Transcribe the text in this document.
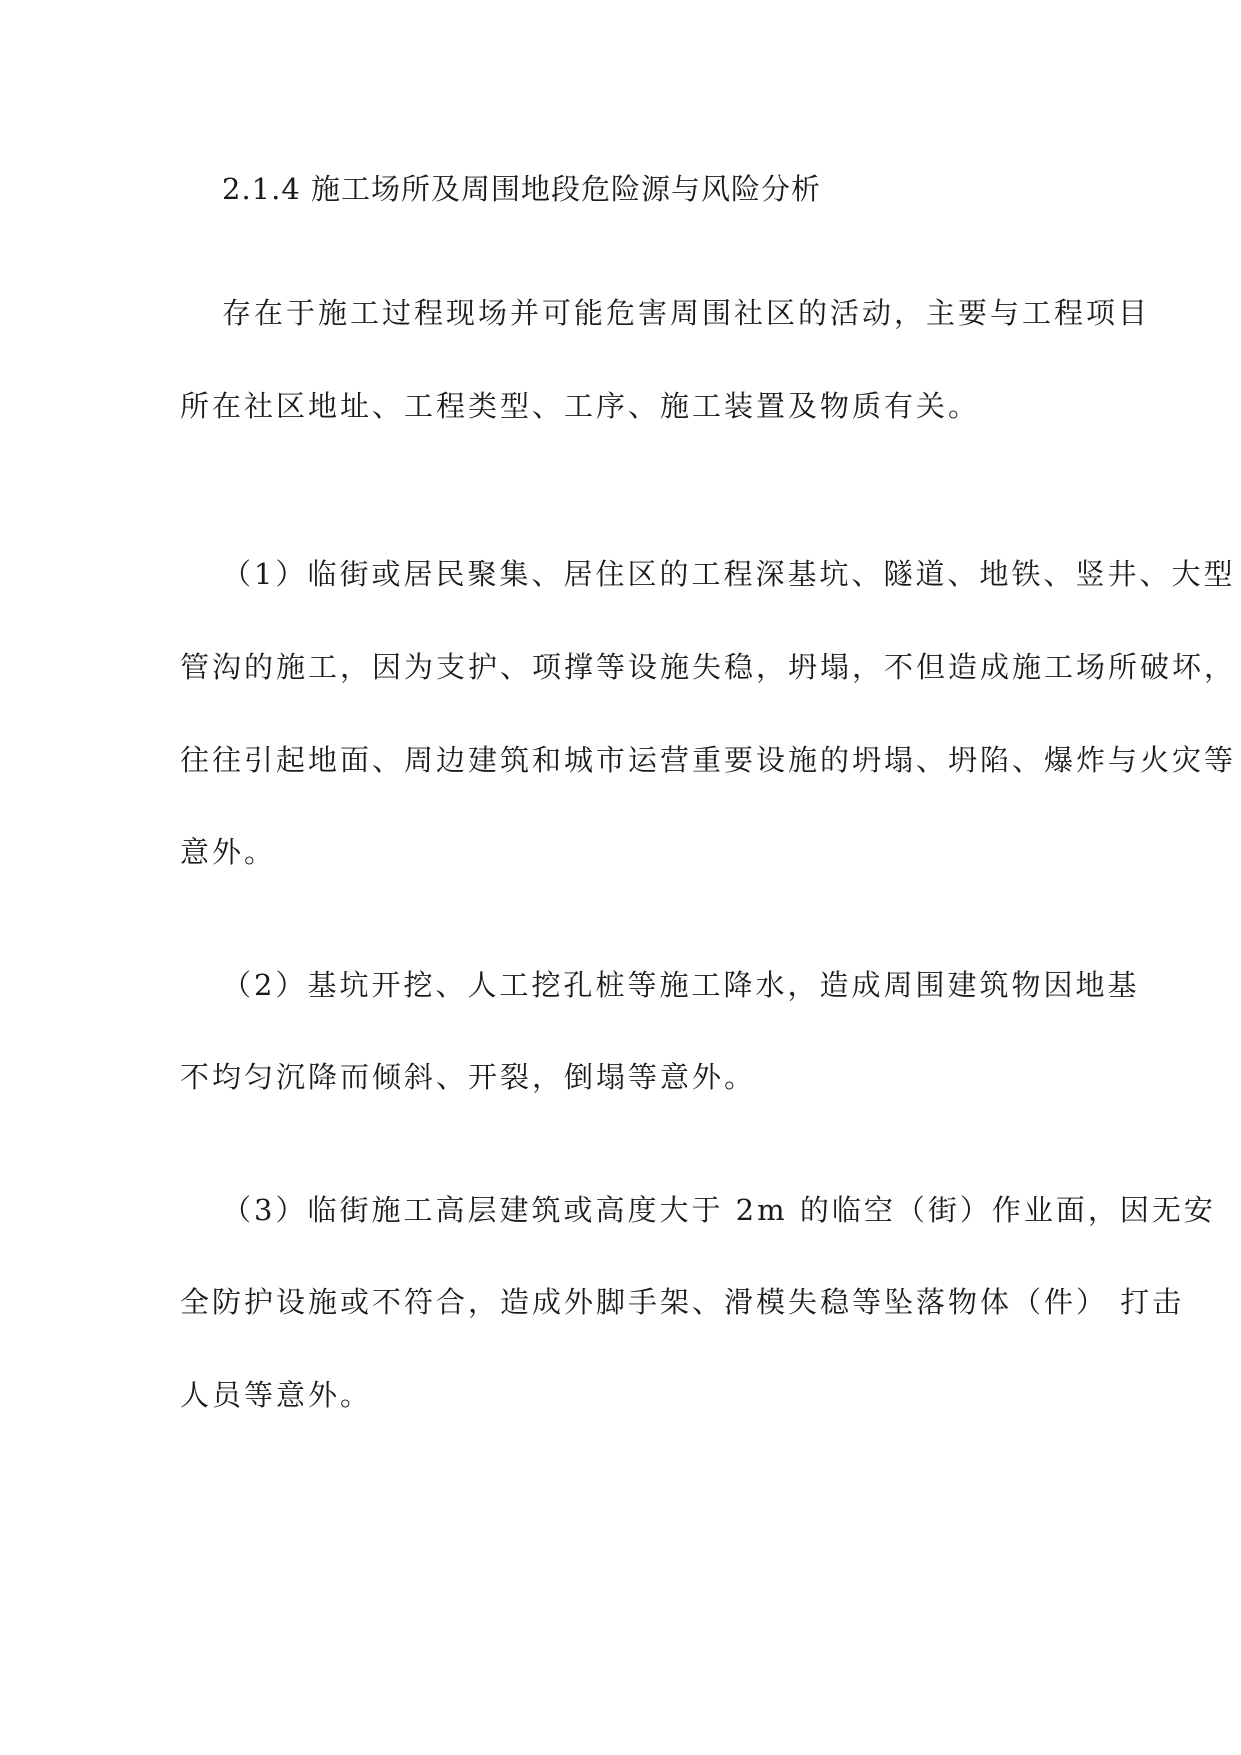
2.1.4 施工场所及周围地段危险源与风险分析

存在于施工过程现场并可能危害周围社区的活动，主要与工程项目

所在社区地址、工程类型、工序、施工装置及物质有关。

（1）临街或居民聚集、居住区的工程深基坑、隧道、地铁、竖井、大型

管沟的施工，因为支护、项撑等设施失稳，坍塌，不但造成施工场所破坏，

往往引起地面、周边建筑和城市运营重要设施的坍塌、坍陷、爆炸与火灾等

意外。

（2）基坑开挖、人工挖孔桩等施工降水，造成周围建筑物因地基

不均匀沉降而倾斜、开裂，倒塌等意外。

（3）临街施工高层建筑或高度大于 2m 的临空（街）作业面，因无安

全防护设施或不符合，造成外脚手架、滑模失稳等坠落物体（件） 打击

人员等意外。
